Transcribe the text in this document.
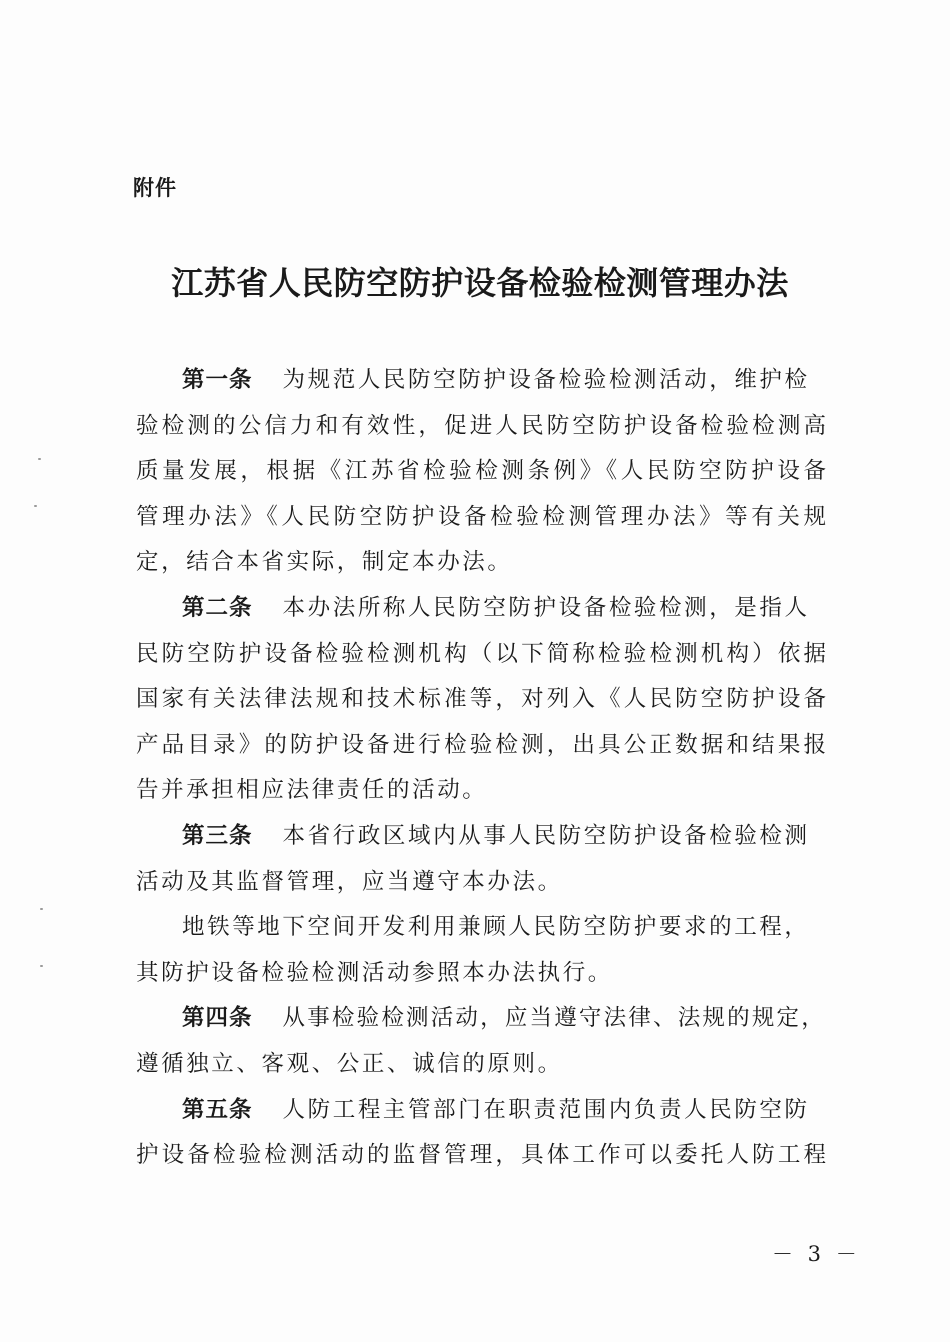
附件
江苏省人民防空防护设备检验检测管理办法
第一条 为规范人民防空防护设备检验检测活动，维护检
验检测的公信力和有效性，促进人民防空防护设备检验检测高
质量发展，根据《江苏省检验检测条例》《人民防空防护设备
管理办法》《人民防空防护设备检验检测管理办法》等有关规
定，结合本省实际，制定本办法。
第二条 本办法所称人民防空防护设备检验检测，是指人
民防空防护设备检验检测机构（以下简称检验检测机构）依据
国家有关法律法规和技术标准等，对列入《人民防空防护设备
产品目录》的防护设备进行检验检测，出具公正数据和结果报
告并承担相应法律责任的活动。
第三条 本省行政区域内从事人民防空防护设备检验检测
活动及其监督管理，应当遵守本办法。
地铁等地下空间开发利用兼顾人民防空防护要求的工程，
其防护设备检验检测活动参照本办法执行。
第四条 从事检验检测活动，应当遵守法律、法规的规定，
遵循独立、客观、公正、诚信的原则。
第五条 人防工程主管部门在职责范围内负责人民防空防
护设备检验检测活动的监督管理，具体工作可以委托人防工程
－ 3 －
